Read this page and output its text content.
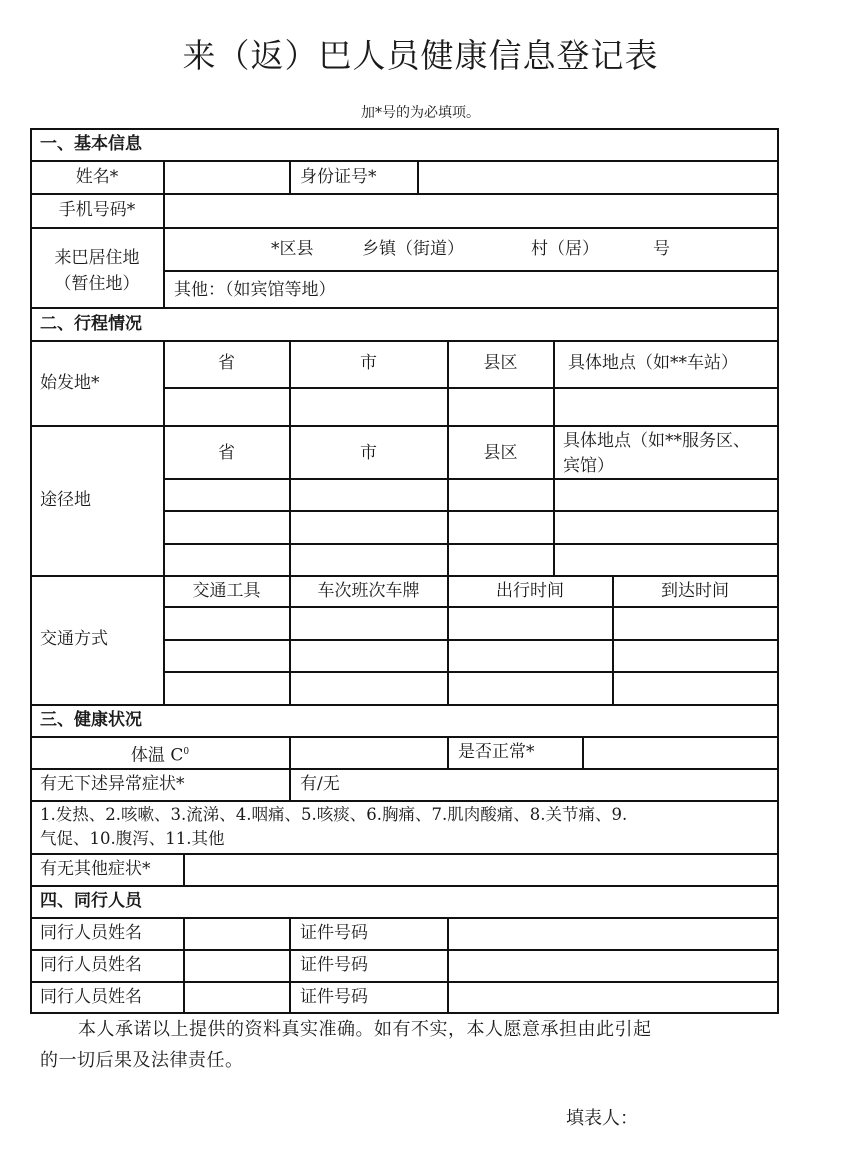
来（返）巴人员健康信息登记表
加*号的为必填项。
一、基本信息
姓名*	身份证号*
手机号码*
来巴居住地
（暂住地）
*区县	乡镇（街道）	村（居）	号
其他：（如宾馆等地）
二、行程情况
始发地*
省	市	县区	具体地点（如**车站）
途径地
省	市	县区
具体地点（如**服务区、
宾馆）
交通方式
交通工具	车次班次车牌	出行时间	到达时间
三、健康状况
体温 $C^0$	是否正常*
有无下述异常症状*	有/无
1.发热、2.咳嗽、3.流涕、4.咽痛、5.咳痰、6.胸痛、7.肌肉酸痛、8.关节痛、9.
气促、10.腹泻、11.其他
有无其他症状*
四、同行人员
同行人员姓名	证件号码
同行人员姓名	证件号码
同行人员姓名	证件号码
本人承诺以上提供的资料真实准确。如有不实，本人愿意承担由此引起
的一切后果及法律责任。
填表人：
